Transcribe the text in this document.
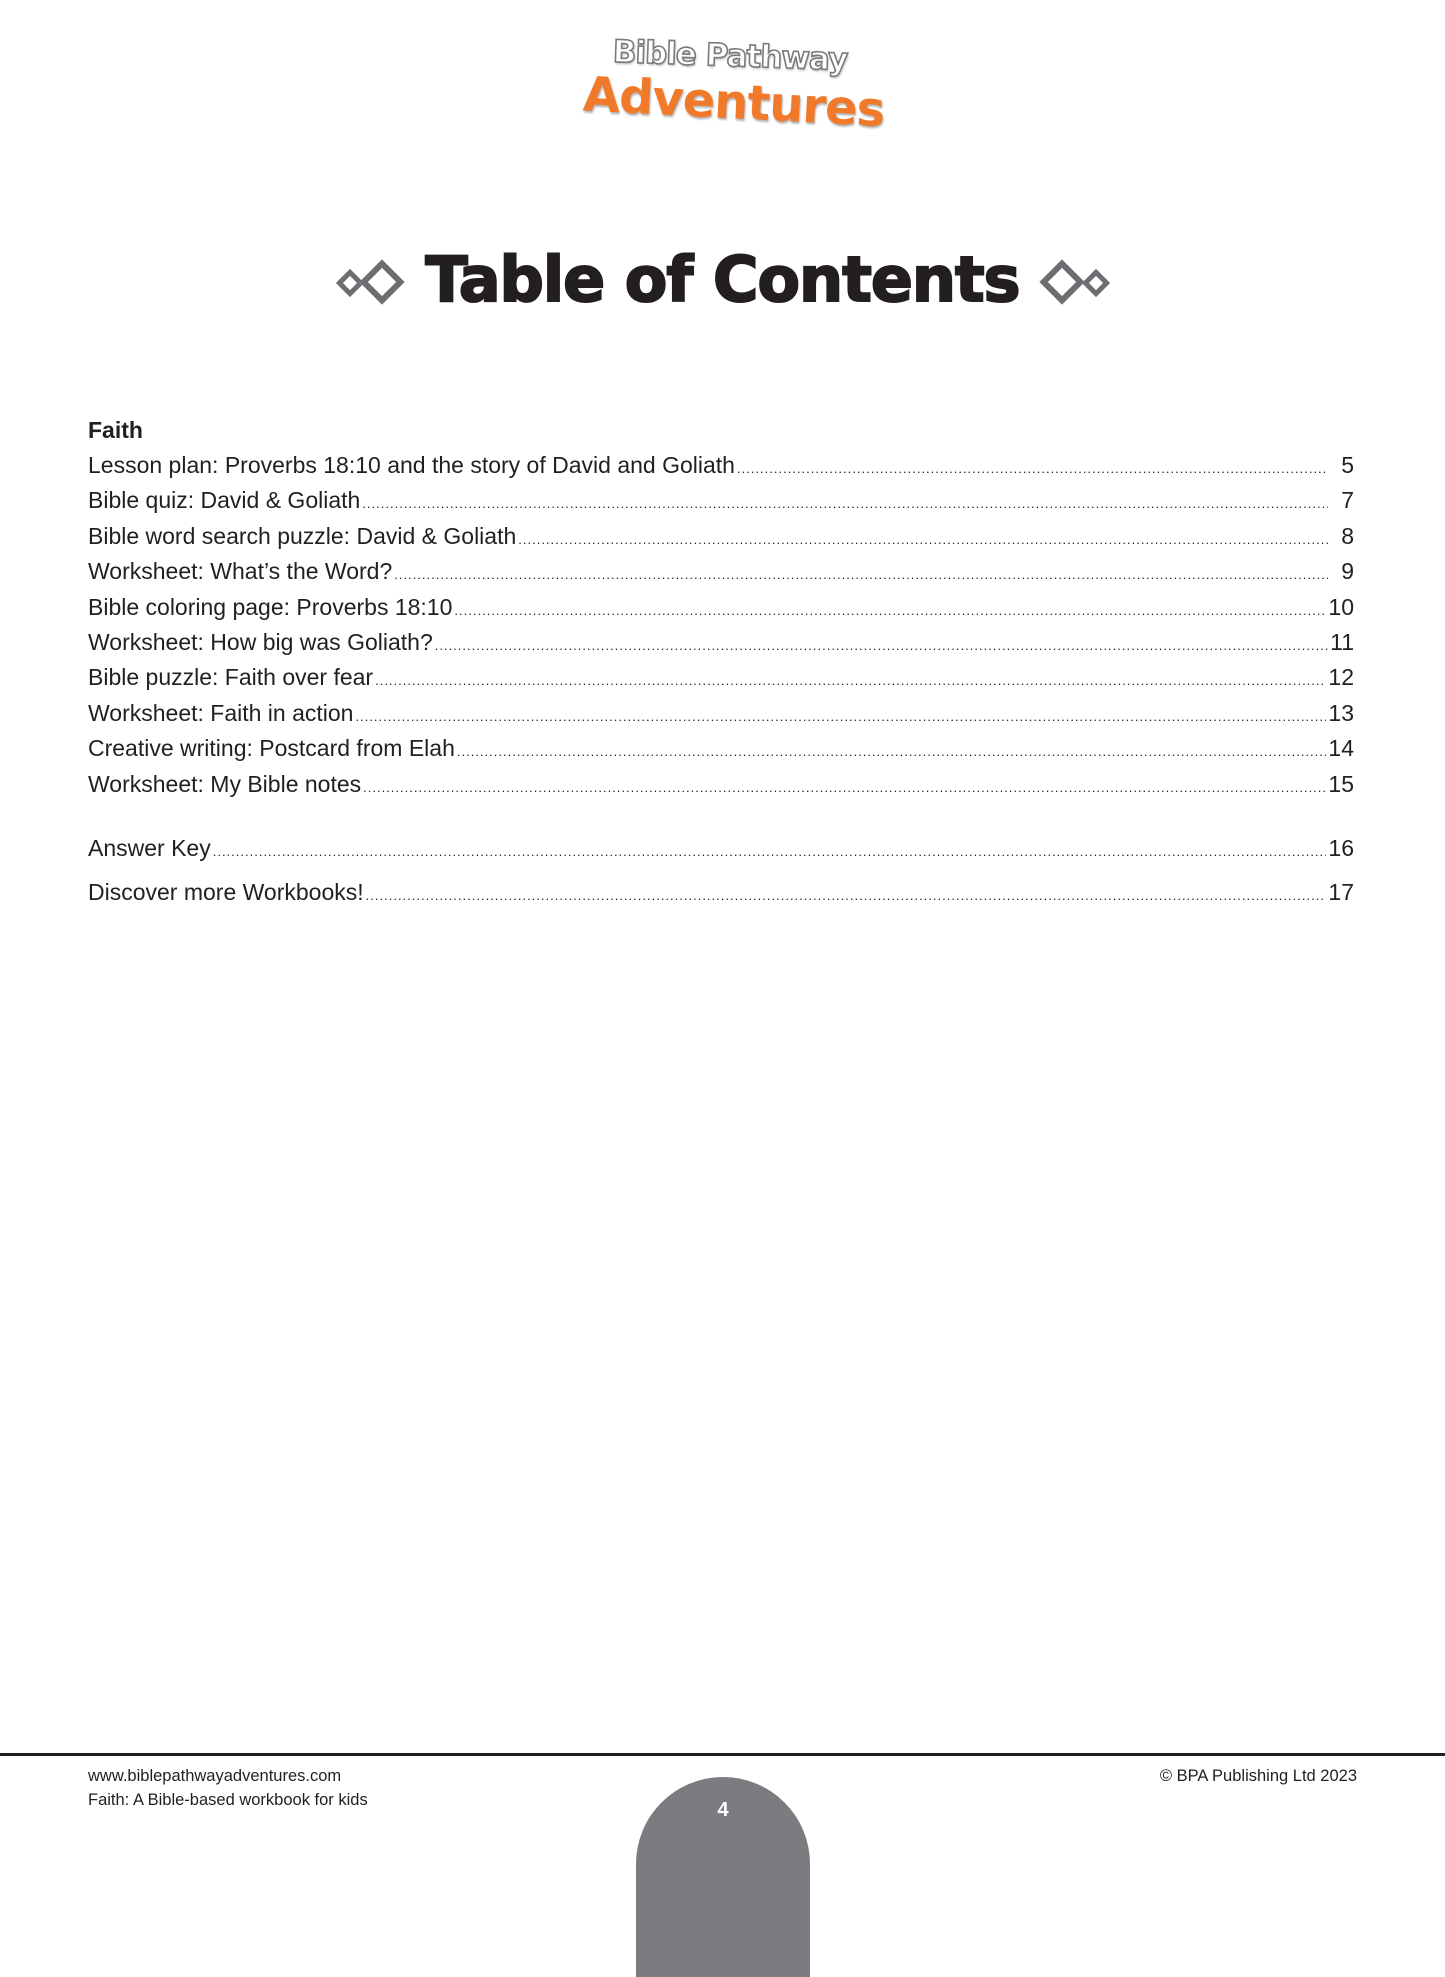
Bible Pathway
Adventures
Table of Contents
Faith
Lesson plan: Proverbs 18:10 and the story of David and Goliath .....	5
Bible quiz: David & Goliath .....	7
Bible word search puzzle: David & Goliath .....	8
Worksheet: What’s the Word? .....	9
Bible coloring page: Proverbs 18:10 .....	10
Worksheet: How big was Goliath? .....	11
Bible puzzle: Faith over fear .....	12
Worksheet: Faith in action .....	13
Creative writing: Postcard from Elah .....	14
Worksheet: My Bible notes .....	15
Answer Key .....	16
Discover more Workbooks! .....	17
www.biblepathwayadventures.com
Faith: A Bible-based workbook for kids
© BPA Publishing Ltd 2023
4
